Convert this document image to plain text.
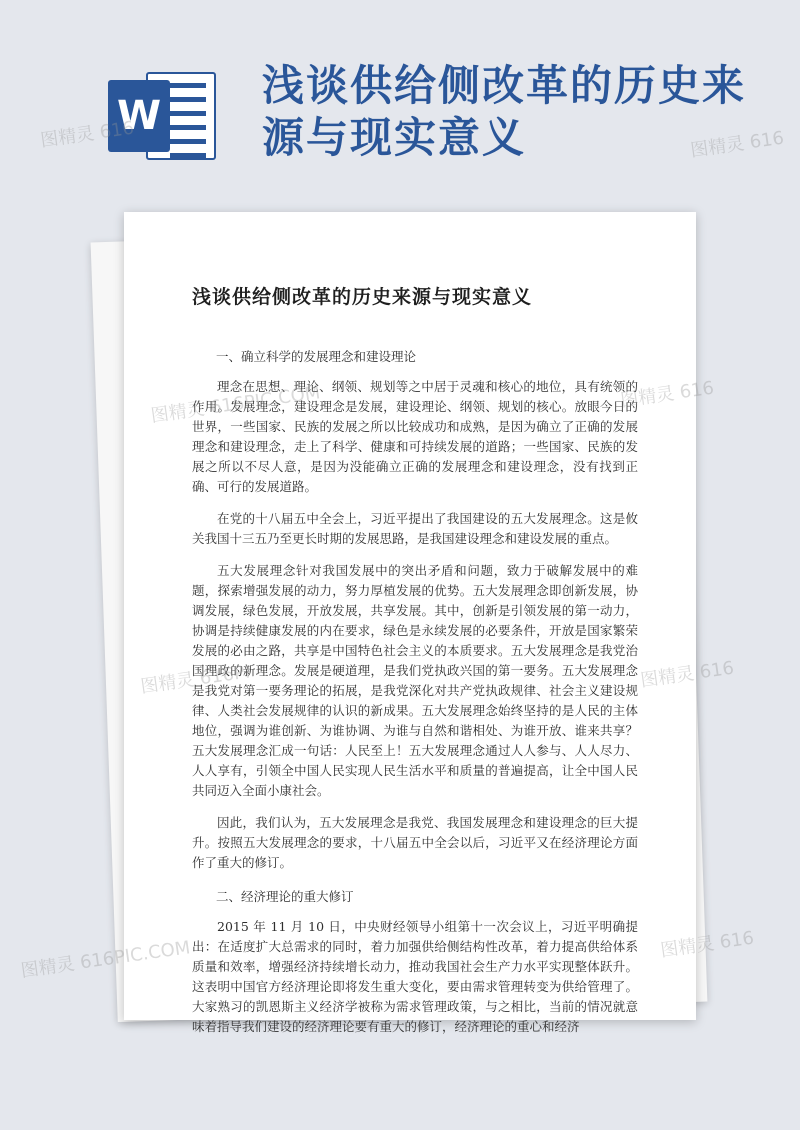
W
浅谈供给侧改革的历史来源与现实意义
浅谈供给侧改革的历史来源与现实意义
一、确立科学的发展理念和建设理论

理念在思想、理论、纲领、规划等之中居于灵魂和核心的地位，具有统领的作用。发展理念，建设理念是发展，建设理论、纲领、规划的核心。放眼今日的世界，一些国家、民族的发展之所以比较成功和成熟，是因为确立了正确的发展理念和建设理念，走上了科学、健康和可持续发展的道路；一些国家、民族的发展之所以不尽人意，是因为没能确立正确的发展理念和建设理念，没有找到正确、可行的发展道路。

在党的十八届五中全会上，习近平提出了我国建设的五大发展理念。这是攸关我国十三五乃至更长时期的发展思路，是我国建设理念和建设发展的重点。

五大发展理念针对我国发展中的突出矛盾和问题，致力于破解发展中的难题，探索增强发展的动力，努力厚植发展的优势。五大发展理念即创新发展，协调发展，绿色发展，开放发展，共享发展。其中，创新是引领发展的第一动力，协调是持续健康发展的内在要求，绿色是永续发展的必要条件，开放是国家繁荣发展的必由之路，共享是中国特色社会主义的本质要求。五大发展理念是我党治国理政的新理念。发展是硬道理，是我们党执政兴国的第一要务。五大发展理念是我党对第一要务理论的拓展，是我党深化对共产党执政规律、社会主义建设规律、人类社会发展规律的认识的新成果。五大发展理念始终坚持的是人民的主体地位，强调为谁创新、为谁协调、为谁与自然和谐相处、为谁开放、谁来共享？五大发展理念汇成一句话：人民至上！五大发展理念通过人人参与、人人尽力、人人享有，引领全中国人民实现人民生活水平和质量的普遍提高，让全中国人民共同迈入全面小康社会。

因此，我们认为，五大发展理念是我党、我国发展理念和建设理念的巨大提升。按照五大发展理念的要求，十八届五中全会以后，习近平又在经济理论方面作了重大的修订。

二、经济理论的重大修订

2015 年 11 月 10 日，中央财经领导小组第十一次会议上，习近平明确提出：在适度扩大总需求的同时，着力加强供给侧结构性改革，着力提高供给体系质量和效率，增强经济持续增长动力，推动我国社会生产力水平实现整体跃升。这表明中国官方经济理论即将发生重大变化，要由需求管理转变为供给管理了。大家熟习的凯恩斯主义经济学被称为需求管理政策，与之相比，当前的情况就意味着指导我们建设的经济理论要有重大的修订，经济理论的重心和经济

图精灵 616	图精灵 616
图精灵 616PIC.COM	图精灵 616
图精灵 616PI	图精灵 616
图精灵 616PIC.COM	图精灵 616
